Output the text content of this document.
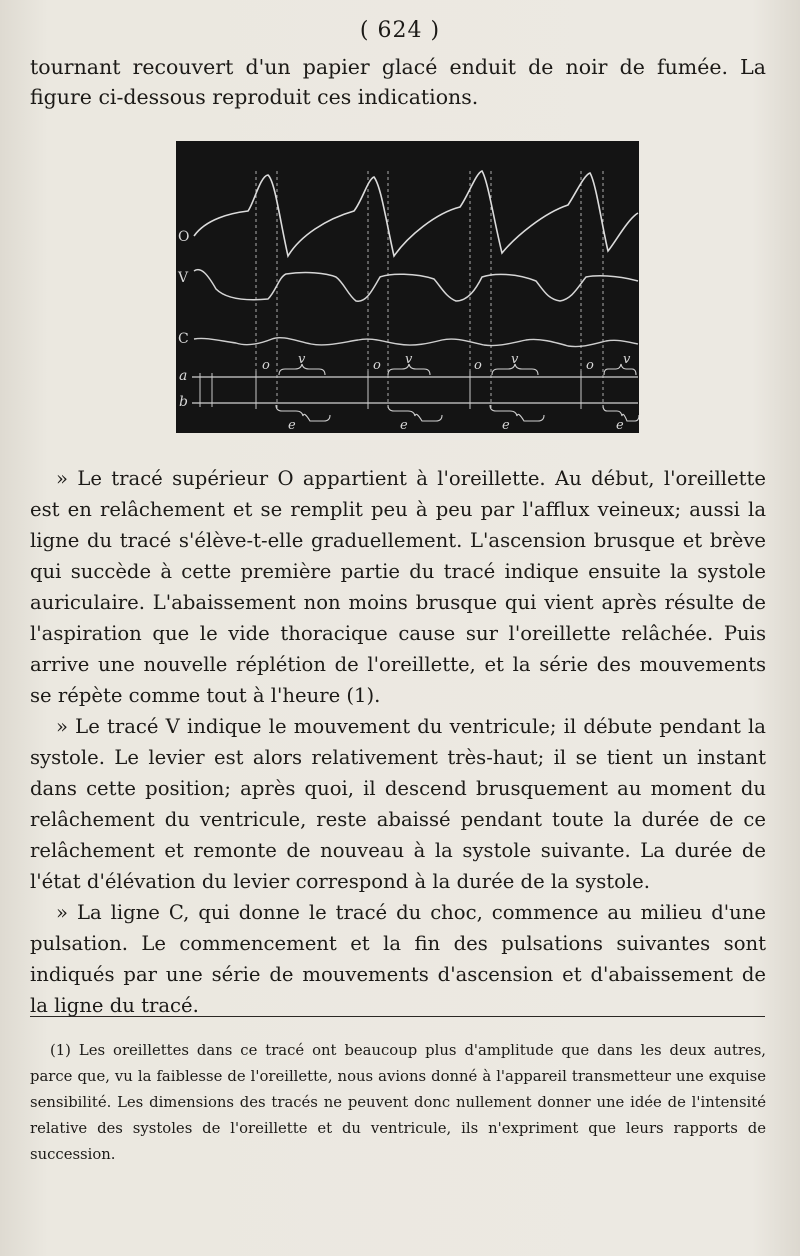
( 624 )

tournant recouvert d'un papier glacé enduit de noir de fumée. La figure ci-dessous reproduit ces indications.

O
V
C
a
b
o	o	o	o
v	v	v	v
e	e	e	e

» Le tracé supérieur O appartient à l'oreillette. Au début, l'oreillette est en relâchement et se remplit peu à peu par l'afflux veineux; aussi la ligne du tracé s'élève-t-elle graduellement. L'ascension brusque et brève qui succède à cette première partie du tracé indique ensuite la systole auriculaire. L'abaissement non moins brusque qui vient après résulte de l'aspiration que le vide thoracique cause sur l'oreillette relâchée. Puis arrive une nouvelle réplétion de l'oreillette, et la série des mouvements se répète comme tout à l'heure (1).

» Le tracé V indique le mouvement du ventricule; il débute pendant la systole. Le levier est alors relativement très-haut; il se tient un instant dans cette position; après quoi, il descend brusquement au moment du relâchement du ventricule, reste abaissé pendant toute la durée de ce relâchement et remonte de nouveau à la systole suivante. La durée de l'état d'élévation du levier correspond à la durée de la systole.

» La ligne C, qui donne le tracé du choc, commence au milieu d'une pulsation. Le commencement et la fin des pulsations suivantes sont indiqués par une série de mouvements d'ascension et d'abaissement de la ligne du tracé.

(1) Les oreillettes dans ce tracé ont beaucoup plus d'amplitude que dans les deux autres, parce que, vu la faiblesse de l'oreillette, nous avions donné à l'appareil transmetteur une exquise sensibilité. Les dimensions des tracés ne peuvent donc nullement donner une idée de l'intensité relative des systoles de l'oreillette et du ventricule, ils n'expriment que leurs rapports de succession.
